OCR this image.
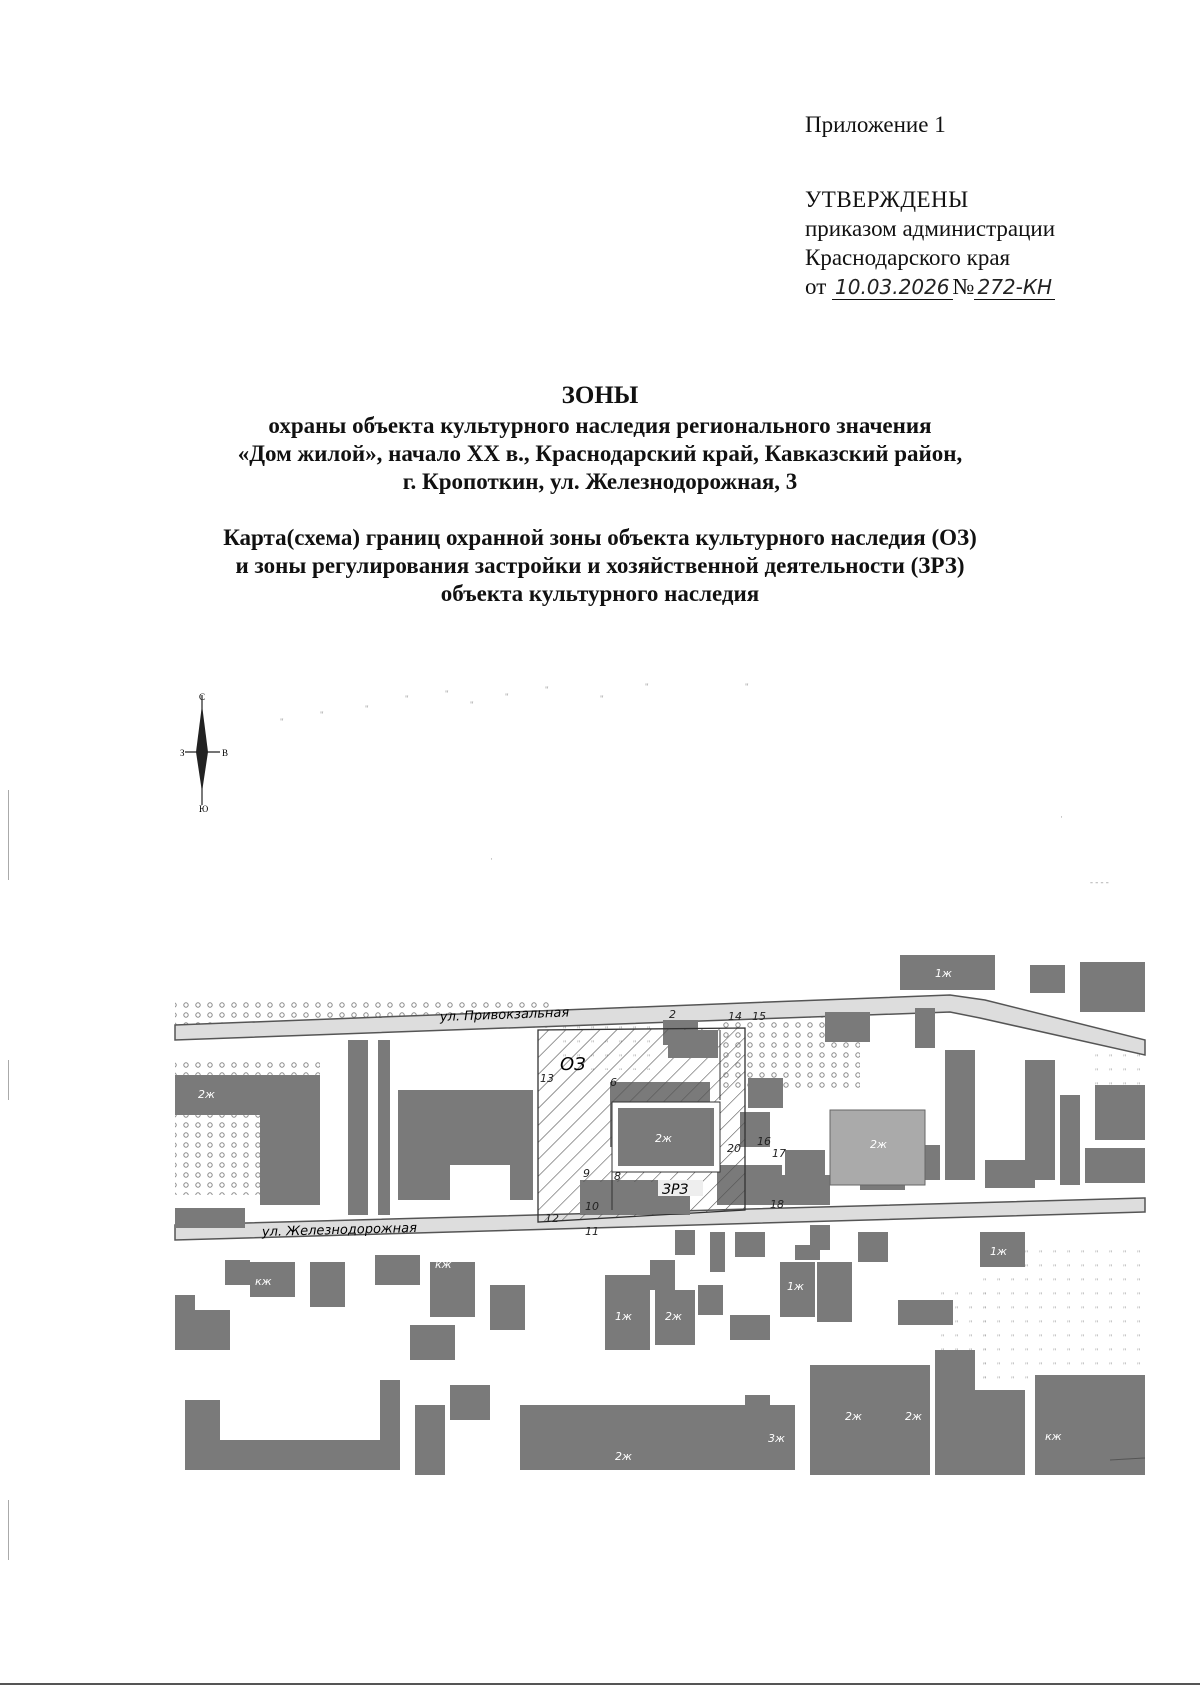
Приложение 1
УТВЕРЖДЕНЫ
приказом администрации
Краснодарского края
от 10.03.2026 № 272-КН
ЗОНЫ
охраны объекта культурного наследия регионального значения
«Дом жилой», начало XX в., Краснодарский край, Кавказский район,
г. Кропоткин, ул. Железнодорожная, 3
Карта(схема) границ охранной зоны объекта культурного наследия (ОЗ)
и зоны регулирования застройки и хозяйственной деятельности (ЗРЗ)
объекта культурного наследия
С
Ю
З	В
"
"
"
"	"
"
"
"
"
"	"
·
- - - -
·
ул. Привокзальная
ул. Железнодорожная
ОЗ
ЗРЗ
2	14 15
13	6
20
16
17
9 8
10
12
11
18
2ж
2ж
1ж
кж
2ж
1ж	2ж
1ж
1ж
2ж
кж
3ж
2ж	2ж
кж
